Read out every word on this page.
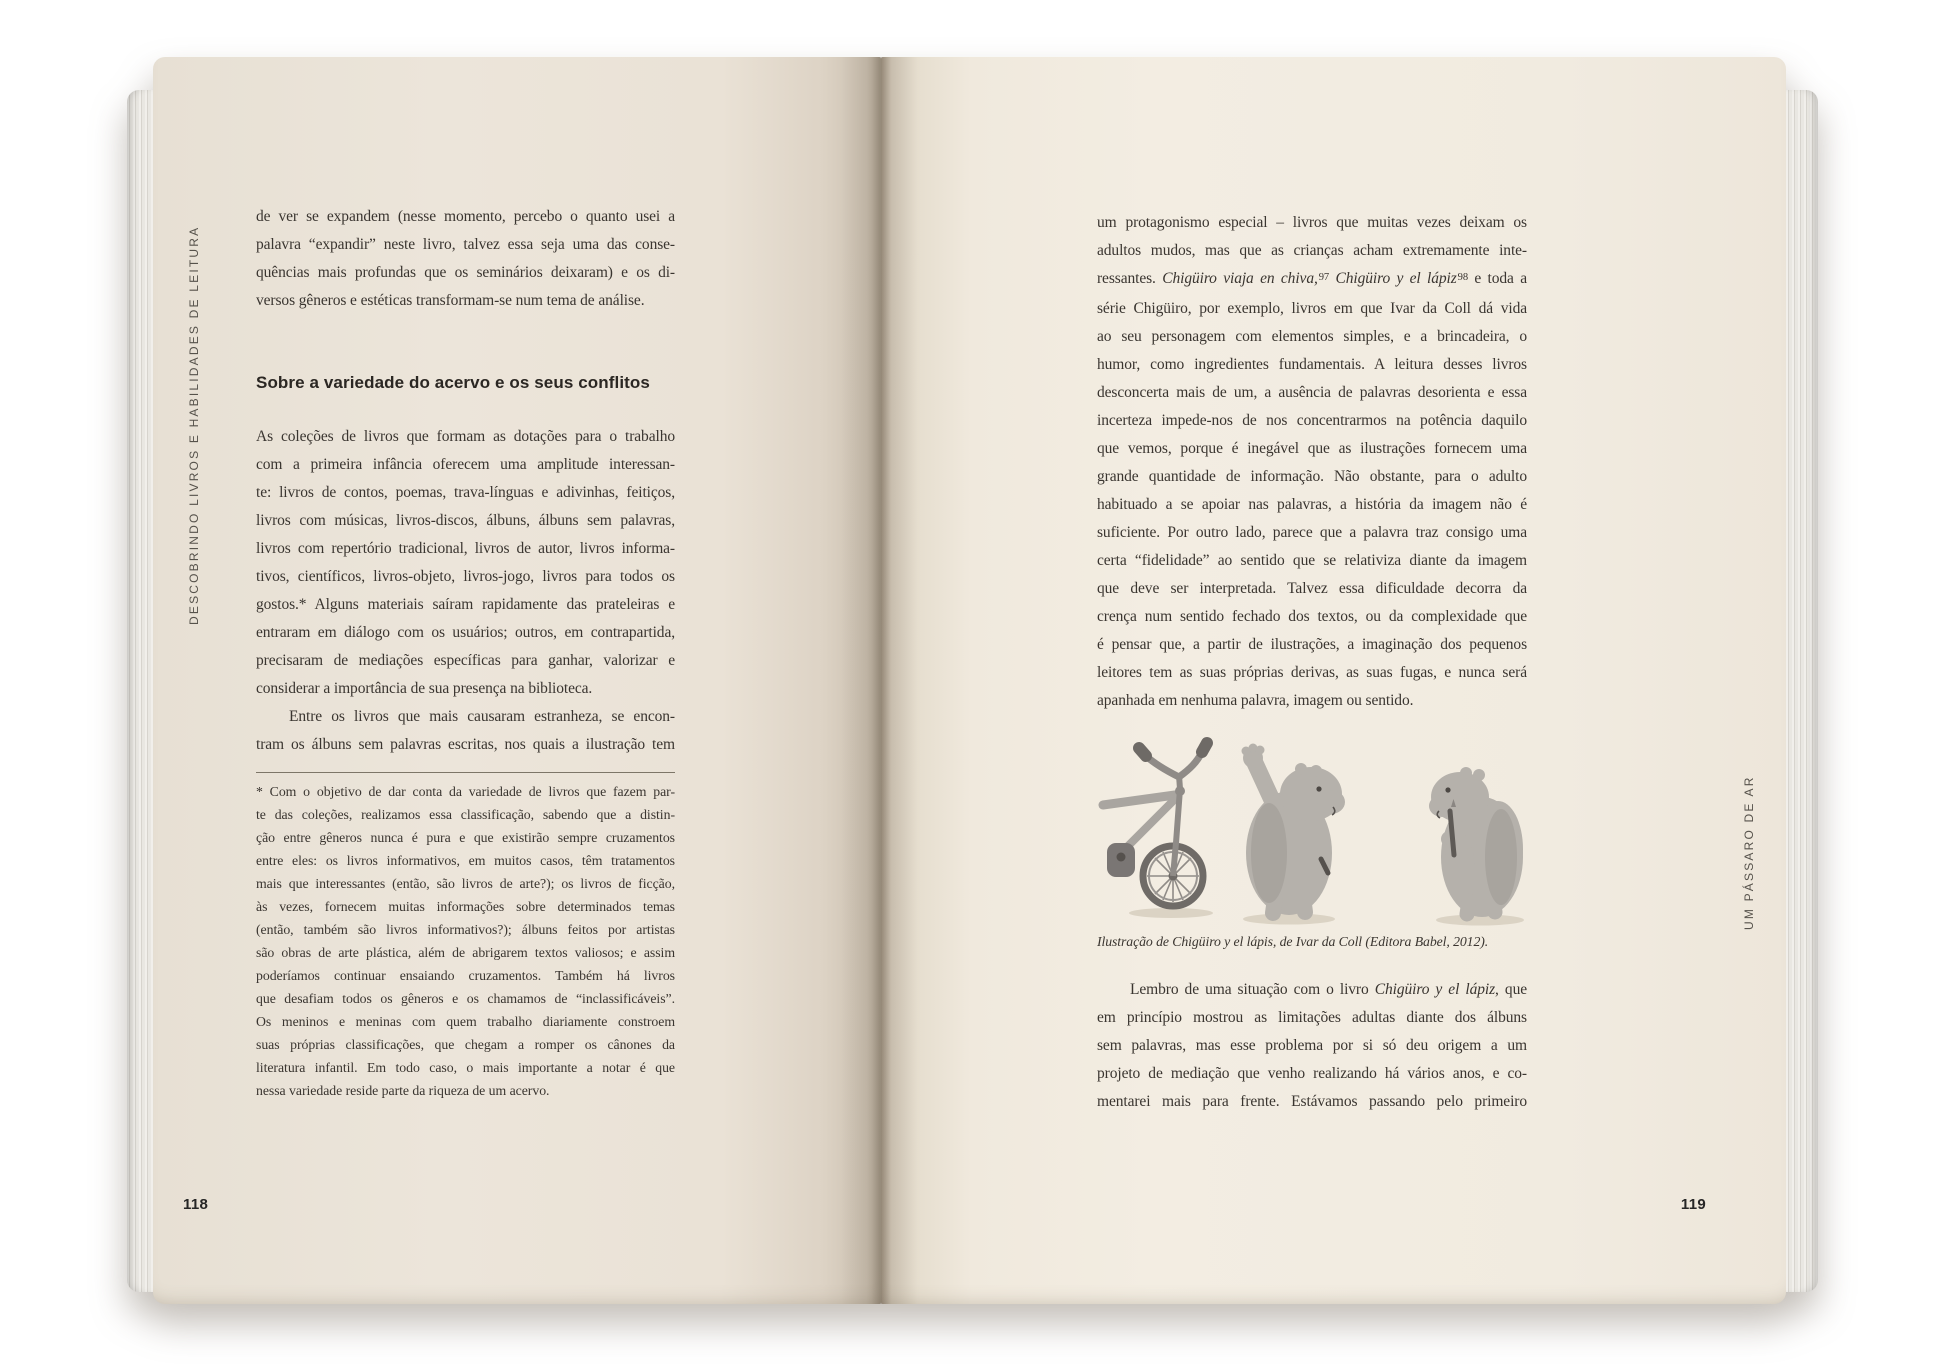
DESCOBRINDO LIVROS E HABILIDADES DE LEITURA
de ver se expandem (nesse momento, percebo o quanto usei a
palavra “expandir” neste livro, talvez essa seja uma das conse-
quências mais profundas que os seminários deixaram) e os di-
versos gêneros e estéticas transformam-se num tema de análise.
Sobre a variedade do acervo e os seus conflitos
As coleções de livros que formam as dotações para o trabalho
com a primeira infância oferecem uma amplitude interessan-
te: livros de contos, poemas, trava-línguas e adivinhas, feitiços,
livros com músicas, livros-discos, álbuns, álbuns sem palavras,
livros com repertório tradicional, livros de autor, livros informa-
tivos, científicos, livros-objeto, livros-jogo, livros para todos os
gostos.* Alguns materiais saíram rapidamente das prateleiras e
entraram em diálogo com os usuários; outros, em contrapartida,
precisaram de mediações específicas para ganhar, valorizar e
considerar a importância de sua presença na biblioteca.
Entre os livros que mais causaram estranheza, se encon-
tram os álbuns sem palavras escritas, nos quais a ilustração tem
* Com o objetivo de dar conta da variedade de livros que fazem par-
te das coleções, realizamos essa classificação, sabendo que a distin-
ção entre gêneros nunca é pura e que existirão sempre cruzamentos
entre eles: os livros informativos, em muitos casos, têm tratamentos
mais que interessantes (então, são livros de arte?); os livros de ficção,
às vezes, fornecem muitas informações sobre determinados temas
(então, também são livros informativos?); álbuns feitos por artistas
são obras de arte plástica, além de abrigarem textos valiosos; e assim
poderíamos continuar ensaiando cruzamentos. Também há livros
que desafiam todos os gêneros e os chamamos de “inclassificáveis”.
Os meninos e meninas com quem trabalho diariamente constroem
suas próprias classificações, que chegam a romper os cânones da
literatura infantil. Em todo caso, o mais importante a notar é que
nessa variedade reside parte da riqueza de um acervo.
118
um protagonismo especial – livros que muitas vezes deixam os
adultos mudos, mas que as crianças acham extremamente inte-
ressantes. Chigüiro viaja en chiva,$^{97}$ Chigüiro y el lápiz$^{98}$ e toda a
série Chigüiro, por exemplo, livros em que Ivar da Coll dá vida
ao seu personagem com elementos simples, e a brincadeira, o
humor, como ingredientes fundamentais. A leitura desses livros
desconcerta mais de um, a ausência de palavras desorienta e essa
incerteza impede-nos de nos concentrarmos na potência daquilo
que vemos, porque é inegável que as ilustrações fornecem uma
grande quantidade de informação. Não obstante, para o adulto
habituado a se apoiar nas palavras, a história da imagem não é
suficiente. Por outro lado, parece que a palavra traz consigo uma
certa “fidelidade” ao sentido que se relativiza diante da imagem
que deve ser interpretada. Talvez essa dificuldade decorra da
crença num sentido fechado dos textos, ou da complexidade que
é pensar que, a partir de ilustrações, a imaginação dos pequenos
leitores tem as suas próprias derivas, as suas fugas, e nunca será
apanhada em nenhuma palavra, imagem ou sentido.
Ilustração de Chigüiro y el lápis, de Ivar da Coll (Editora Babel, 2012).
Lembro de uma situação com o livro Chigüiro y el lápiz, que
em princípio mostrou as limitações adultas diante dos álbuns
sem palavras, mas esse problema por si só deu origem a um
projeto de mediação que venho realizando há vários anos, e co-
mentarei mais para frente. Estávamos passando pelo primeiro
UM PÁSSARO DE AR
119
